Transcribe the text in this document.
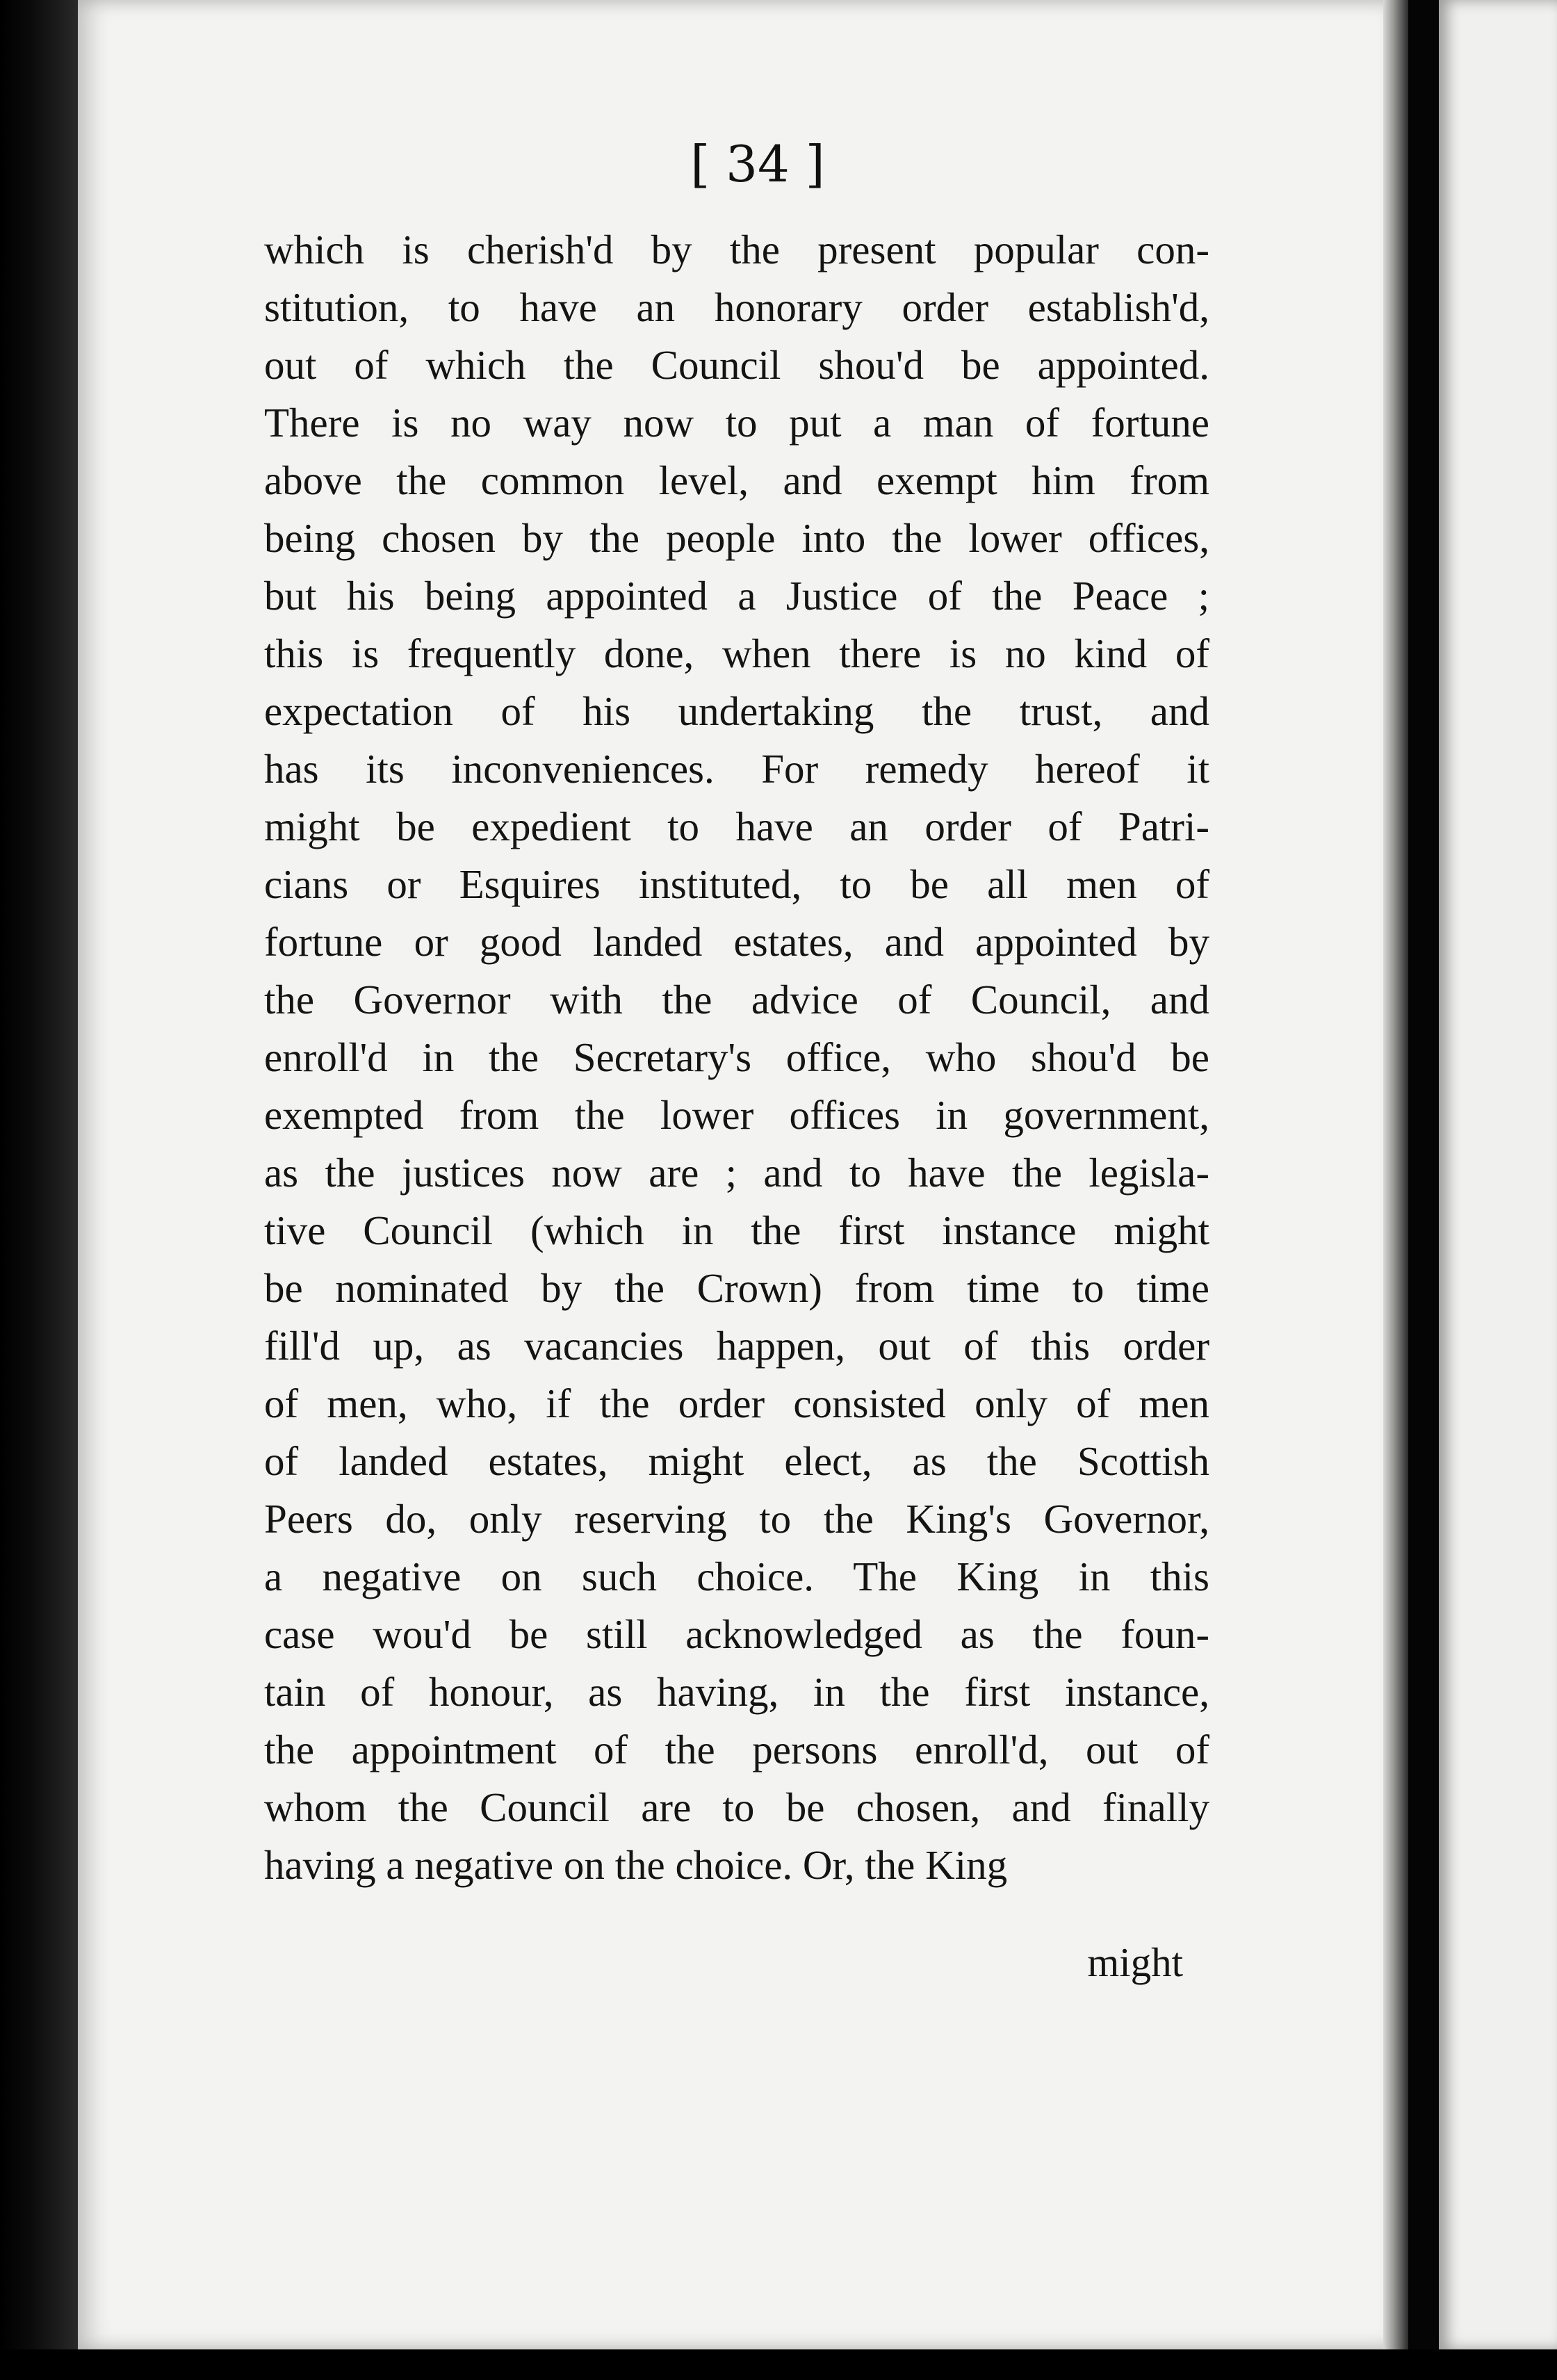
[ 34 ]
which is cherish'd by the present popular con-
stitution, to have an honorary order establish'd,
out of which the Council shou'd be appointed.
There is no way now to put a man of fortune
above the common level, and exempt him from
being chosen by the people into the lower offices,
but his being appointed a Justice of the Peace ;
this is frequently done, when there is no kind of
expectation of his undertaking the trust, and
has its inconveniences. For remedy hereof it
might be expedient to have an order of Patri-
cians or Esquires instituted, to be all men of
fortune or good landed estates, and appointed by
the Governor with the advice of Council, and
enroll'd in the Secretary's office, who shou'd be
exempted from the lower offices in government,
as the justices now are ; and to have the legisla-
tive Council (which in the first instance might
be nominated by the Crown) from time to time
fill'd up, as vacancies happen, out of this order
of men, who, if the order consisted only of men
of landed estates, might elect, as the Scottish
Peers do, only reserving to the King's Governor,
a negative on such choice. The King in this
case wou'd be still acknowledged as the foun-
tain of honour, as having, in the first instance,
the appointment of the persons enroll'd, out of
whom the Council are to be chosen, and finally
having a negative on the choice. Or, the King
might
